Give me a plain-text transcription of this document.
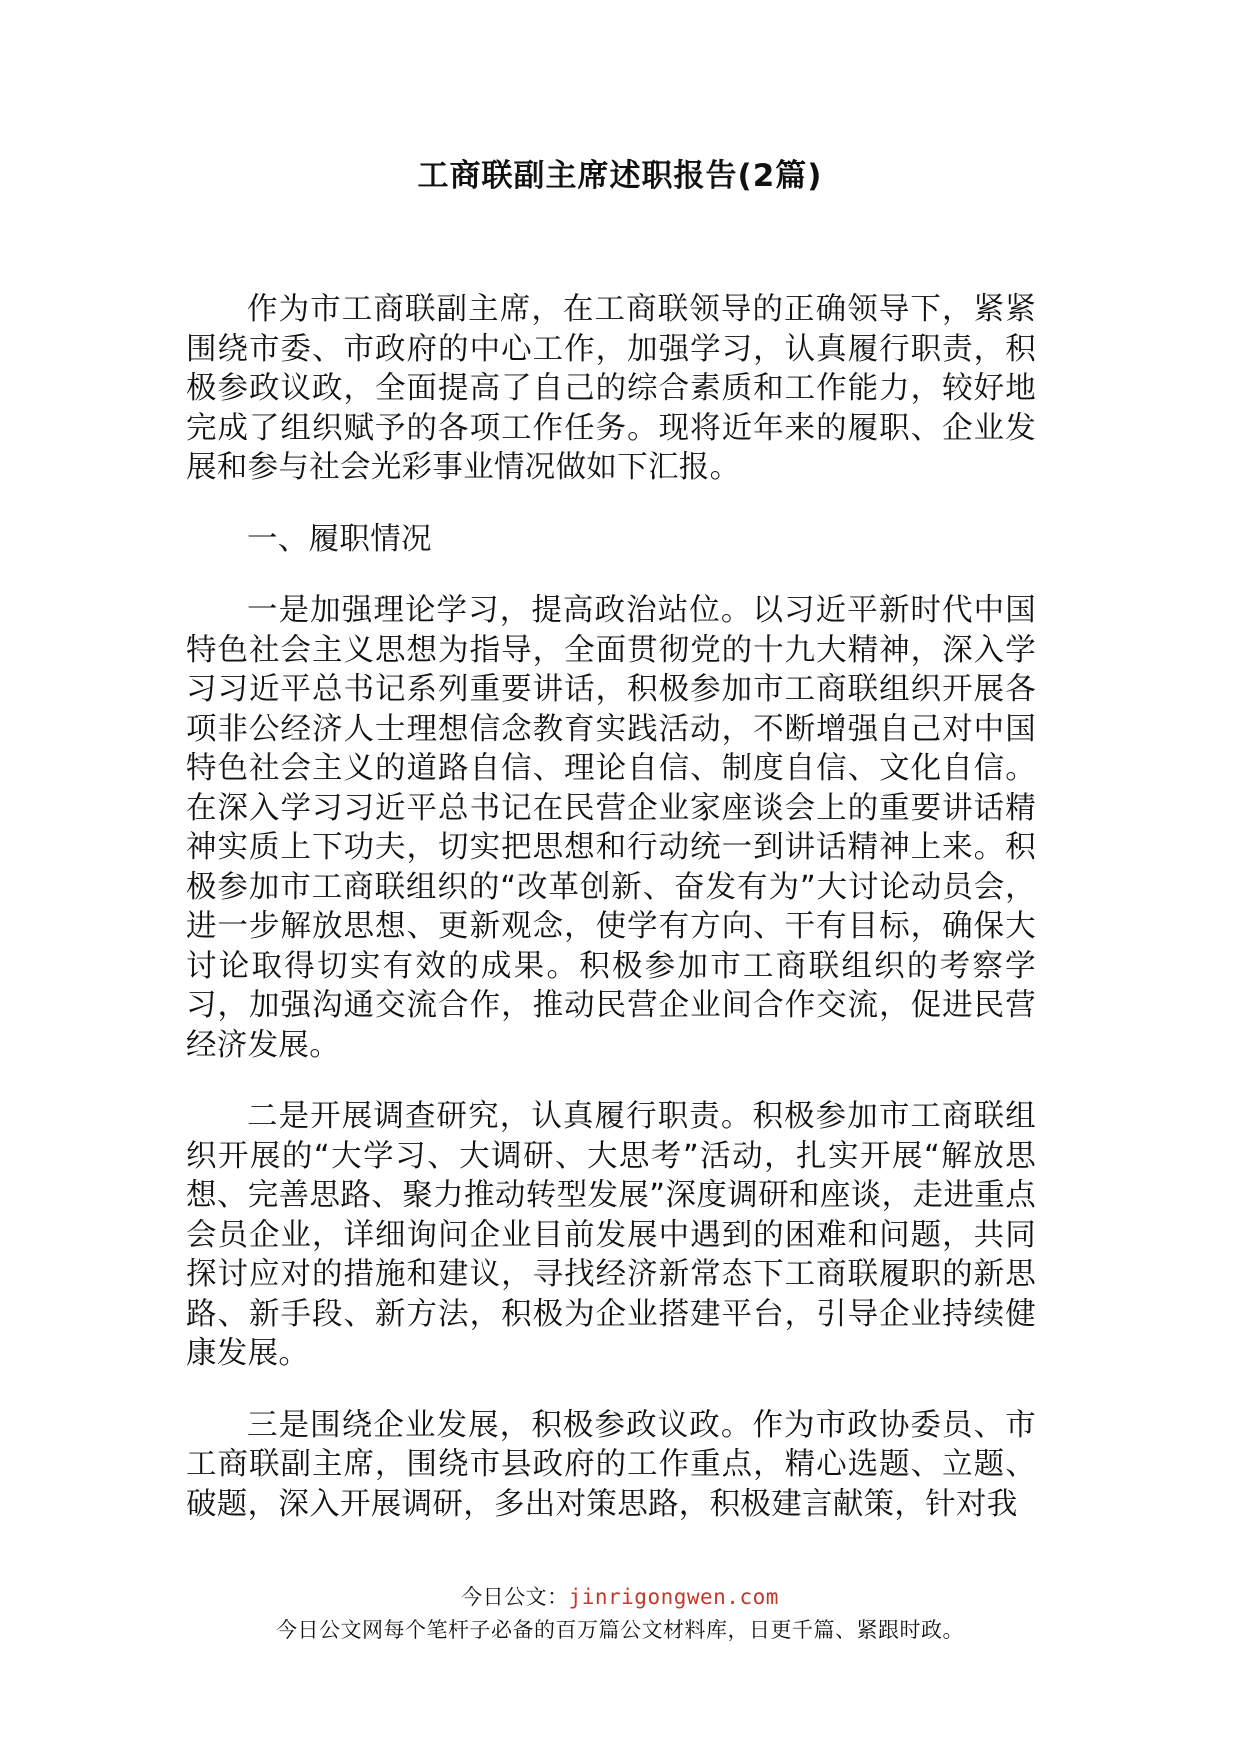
工商联副主席述职报告(2篇)

作为市工商联副主席，在工商联领导的正确领导下，紧紧围绕市委、市政府的中心工作，加强学习，认真履行职责，积极参政议政，全面提高了自己的综合素质和工作能力，较好地完成了组织赋予的各项工作任务。现将近年来的履职、企业发展和参与社会光彩事业情况做如下汇报。

一、履职情况

一是加强理论学习，提高政治站位。以习近平新时代中国特色社会主义思想为指导，全面贯彻党的十九大精神，深入学习习近平总书记系列重要讲话，积极参加市工商联组织开展各项非公经济人士理想信念教育实践活动，不断增强自己对中国特色社会主义的道路自信、理论自信、制度自信、文化自信。在深入学习习近平总书记在民营企业家座谈会上的重要讲话精神实质上下功夫，切实把思想和行动统一到讲话精神上来。积极参加市工商联组织的“改革创新、奋发有为”大讨论动员会，进一步解放思想、更新观念，使学有方向、干有目标，确保大讨论取得切实有效的成果。积极参加市工商联组织的考察学习，加强沟通交流合作，推动民营企业间合作交流，促进民营经济发展。

二是开展调查研究，认真履行职责。积极参加市工商联组织开展的“大学习、大调研、大思考”活动，扎实开展“解放思想、完善思路、聚力推动转型发展”深度调研和座谈，走进重点会员企业，详细询问企业目前发展中遇到的困难和问题，共同探讨应对的措施和建议，寻找经济新常态下工商联履职的新思路、新手段、新方法，积极为企业搭建平台，引导企业持续健康发展。

三是围绕企业发展，积极参政议政。作为市政协委员、市工商联副主席，围绕市县政府的工作重点，精心选题、立题、破题，深入开展调研，多出对策思路，积极建言献策，针对我

今日公文：jinrigongwen.com
今日公文网每个笔杆子必备的百万篇公文材料库，日更千篇、紧跟时政。
